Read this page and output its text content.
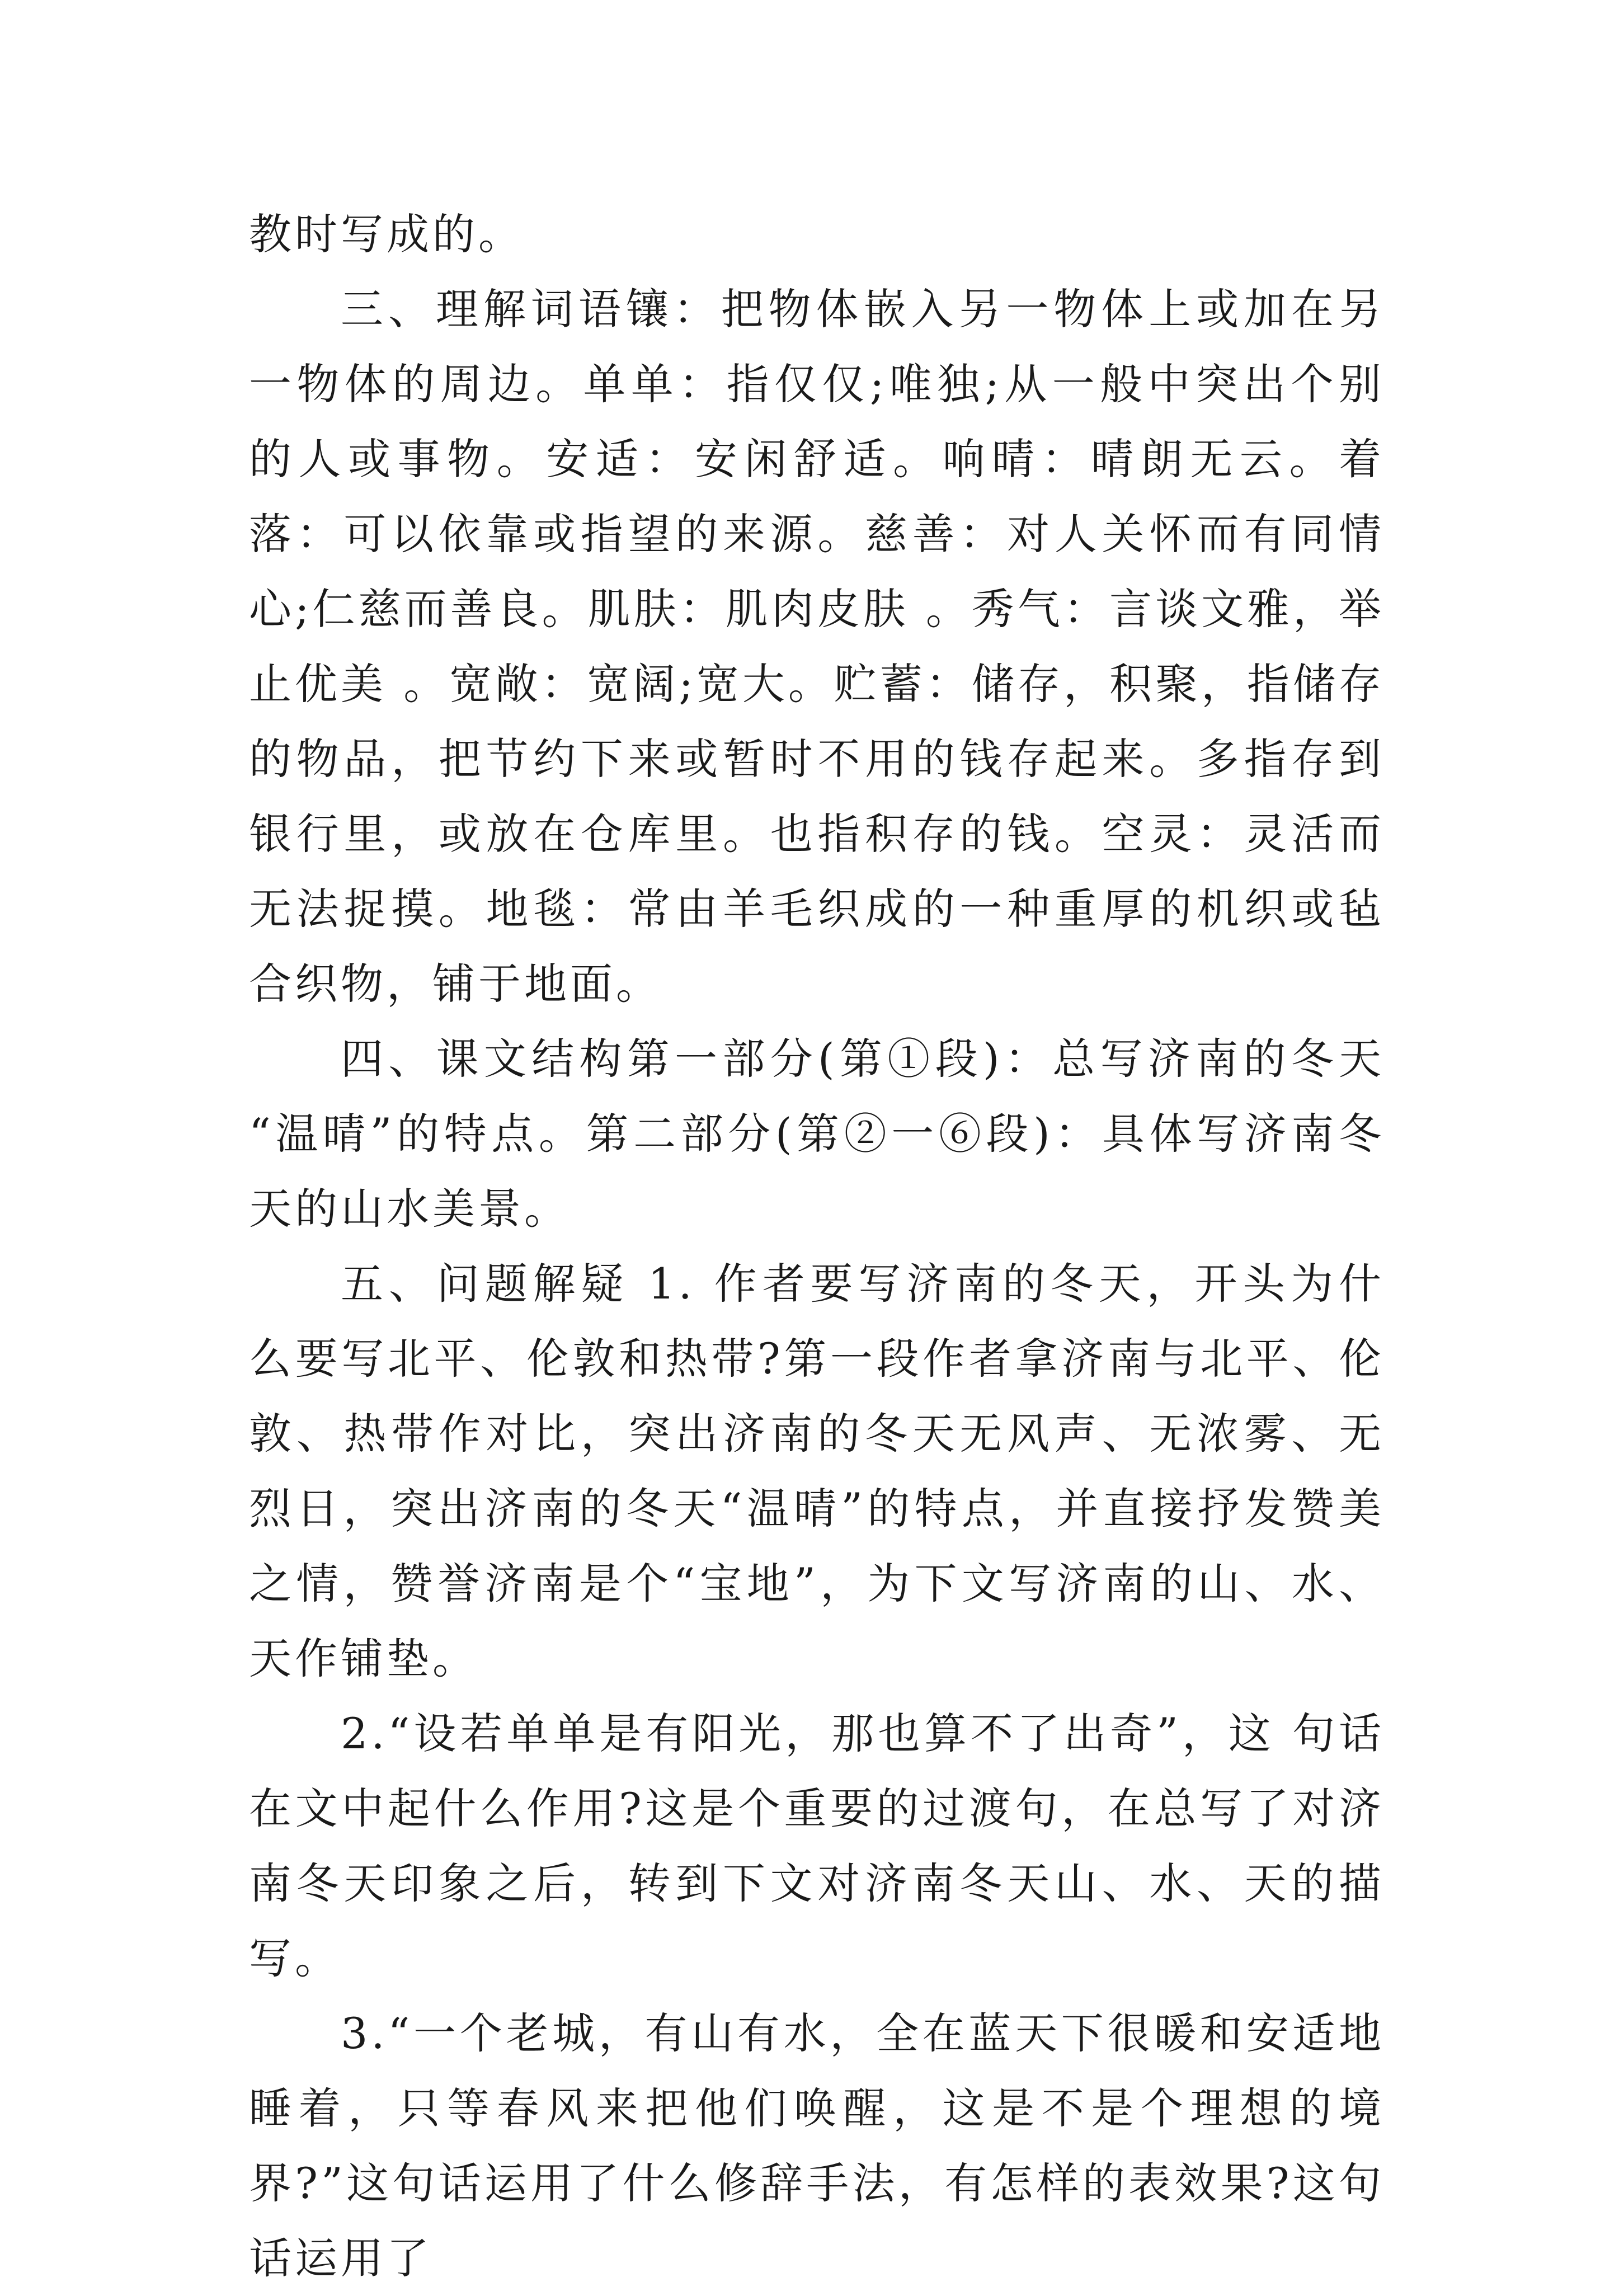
教时写成的。

三、理解词语镶：把物体嵌入另一物体上或加在另一物体的周边。单单：指仅仅;唯独;从一般中突出个别的人或事物。安适：安闲舒适。响晴：晴朗无云。着落：可以依靠或指望的来源。慈善：对人关怀而有同情心;仁慈而善良。肌肤：肌肉皮肤 。秀气：言谈文雅，举止优美 。宽敞：宽阔;宽大。贮蓄：储存，积聚，指储存的物品，把节约下来或暂时不用的钱存起来。多指存到银行里，或放在仓库里。也指积存的钱。空灵：灵活而无法捉摸。地毯：常由羊毛织成的一种重厚的机织或毡合织物，铺于地面。

四、课文结构第一部分(第①段)：总写济南的冬天 “温晴”的特点。第二部分(第②一⑥段)：具体写济南冬天的山水美景。

五、问题解疑 1. 作者要写济南的冬天，开头为什么要写北平、伦敦和热带?第一段作者拿济南与北平、伦敦、热带作对比，突出济南的冬天无风声、无浓雾、无烈日，突出济南的冬天“温晴”的特点，并直接抒发赞美之情，赞誉济南是个“宝地”，为下文写济南的山、水、天作铺垫。

2.“设若单单是有阳光，那也算不了出奇”，这 句话在文中起什么作用?这是个重要的过渡句，在总写了对济南冬天印象之后，转到下文对济南冬天山、水、天的描写。

3.“一个老城，有山有水，全在蓝天下很暖和安适地睡着，只等春风来把他们唤醒，这是不是个理想的境界?”这句话运用了什么修辞手法，有怎样的表效果?这句话运用了
